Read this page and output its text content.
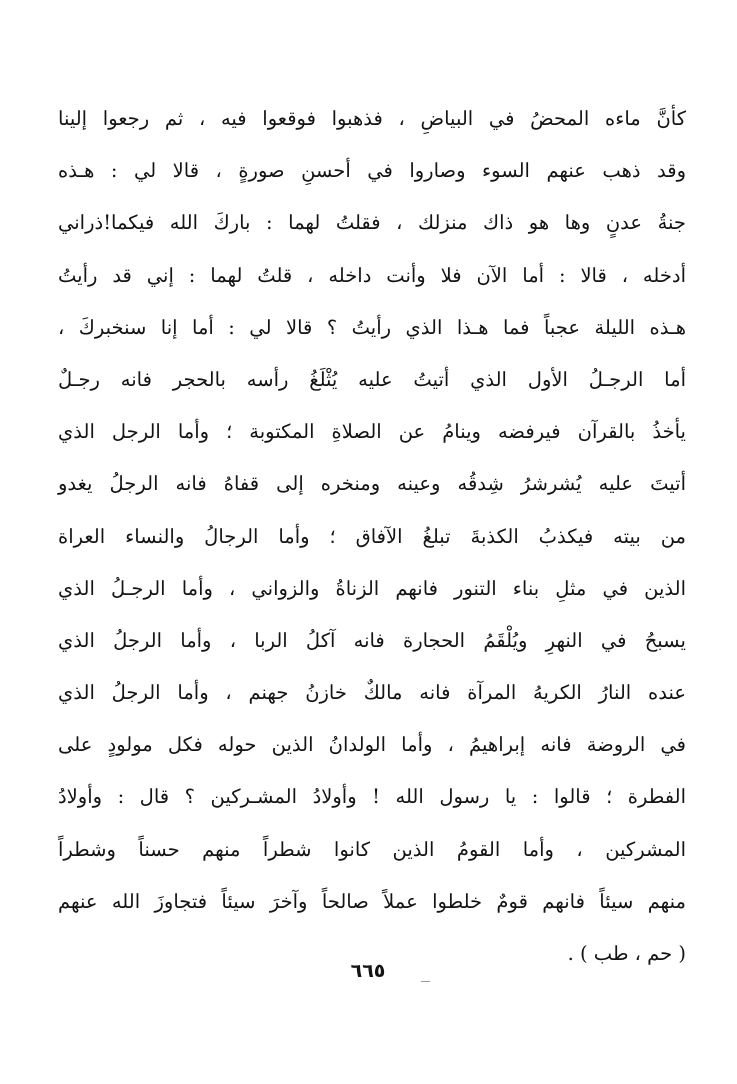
كأنَّ ماءه المحضُ في البياضِ ، فذهبوا فوقعوا فيه ، ثم رجعوا إلينا
وقد ذهب عنهم السوء وصاروا في أحسنِ صورةٍ ، قالا لي : هـذه
جنةُ عدنٍ وها هو ذاك منزلك ، فقلتُ لهما : باركَ الله فيكما!ذراني
أدخله ، قالا : أما الآن فلا وأنت داخله ، قلتُ لهما : إني قد رأيتُ
هـذه الليلة عجباً فما هـذا الذي رأيتُ ؟ قالا لي : أما إنا سنخبركَ ،
أما الرجـلُ الأول الذي أتيتُ عليه يُثْلَغُ رأسه بالحجر فانه رجـلٌ
يأخذُ بالقرآن فيرفضه وينامُ عن الصلاةِ المكتوبة ؛ وأما الرجل الذي
أتيتَ عليه يُشرشرُ شِدقُه وعينه ومنخره إلى قفاهُ فانه الرجلُ يغدو
من بيته فيكذبُ الكذبةَ تبلغُ الآفاق ؛ وأما الرجالُ والنساء العراة
الذين في مثلِ بناء التنور فانهم الزناةُ والزواني ، وأما الرجـلُ الذي
يسبحُ في النهرِ ويُلْقَمُ الحجارة فانه آكلُ الربا ، وأما الرجلُ الذي
عنده النارُ الكريهُ المرآة فانه مالكٌ خازنُ جهنم ، وأما الرجلُ الذي
في الروضة فانه إبراهيمُ ، وأما الولدانُ الذين حوله فكل مولودٍ على
الفطرة ؛ قالوا : يا رسول الله ! وأولادُ المشـركين ؟ قال : وأولادُ
المشركين ، وأما القومُ الذين كانوا شطراً منهم حسناً وشطراً
منهم سيئاً فانهم قومٌ خلطوا عملاً صالحاً وآخرَ سيئاً فتجاوزَ الله عنهم
( حم ، طب ) .
٦٦٥
